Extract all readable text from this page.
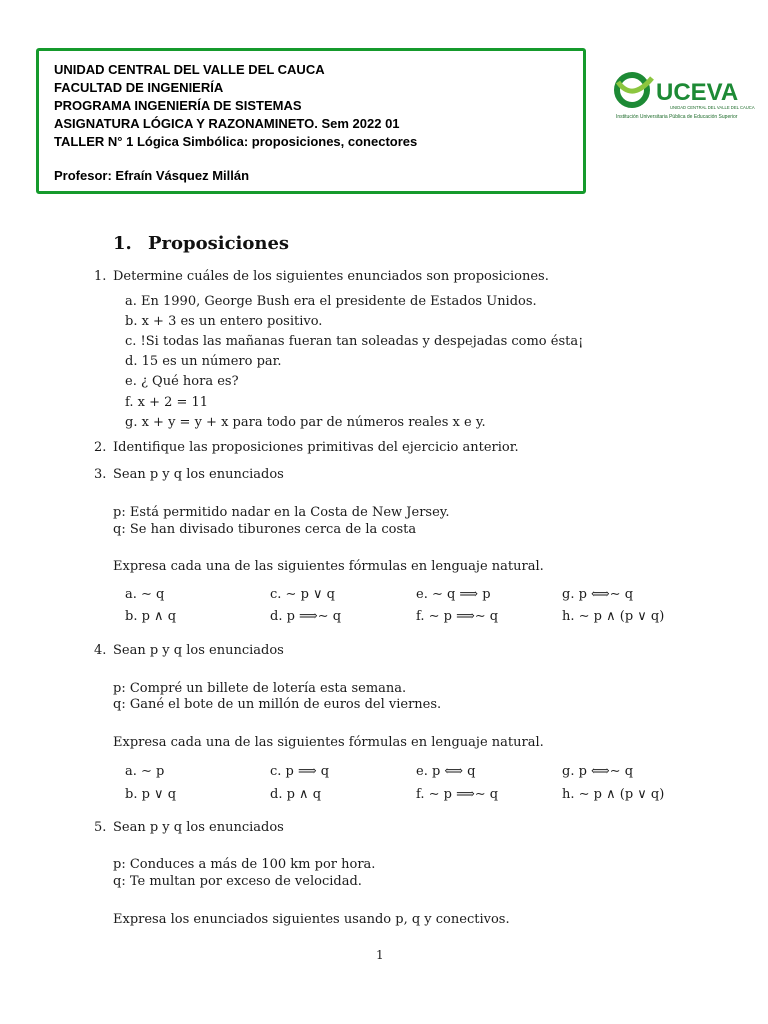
UNIDAD CENTRAL DEL VALLE DEL CAUCA
FACULTAD DE INGENIERÍA
PROGRAMA INGENIERÍA DE SISTEMAS
ASIGNATURA LÓGICA Y RAZONAMINETO. Sem 2022 01
TALLER N° 1 Lógica Simbólica: proposiciones, conectores
Profesor: Efraín Vásquez Millán
UCEVA
UNIDAD CENTRAL DEL VALLE DEL CAUCA
Institución Universitaria Pública de Educación Superior
1. Proposiciones
1. Determine cuáles de los siguientes enunciados son proposiciones.
a. En 1990, George Bush era el presidente de Estados Unidos.
b. x + 3 es un entero positivo.
c. !Si todas las mañanas fueran tan soleadas y despejadas como ésta¡
d. 15 es un número par.
e. ¿ Qué hora es?
f. x + 2 = 11
g. x + y = y + x para todo par de números reales x e y.
2. Identifique las proposiciones primitivas del ejercicio anterior.
3. Sean p y q los enunciados
p: Está permitido nadar en la Costa de New Jersey.
q: Se han divisado tiburones cerca de la costa
Expresa cada una de las siguientes fórmulas en lenguaje natural.
a. ∼ q	c. ∼ p ∨ q	e. ∼ q ⟹ p	g. p ⟺∼ q
b. p ∧ q	d. p ⟹∼ q	f. ∼ p ⟹∼ q	h. ∼ p ∧ (p ∨ q)
4. Sean p y q los enunciados
p: Compré un billete de lotería esta semana.
q: Gané el bote de un millón de euros del viernes.
Expresa cada una de las siguientes fórmulas en lenguaje natural.
a. ∼ p	c. p ⟹ q	e. p ⟺ q	g. p ⟺∼ q
b. p ∨ q	d. p ∧ q	f. ∼ p ⟹∼ q	h. ∼ p ∧ (p ∨ q)
5. Sean p y q los enunciados
p: Conduces a más de 100 km por hora.
q: Te multan por exceso de velocidad.
Expresa los enunciados siguientes usando p, q y conectivos.
1
